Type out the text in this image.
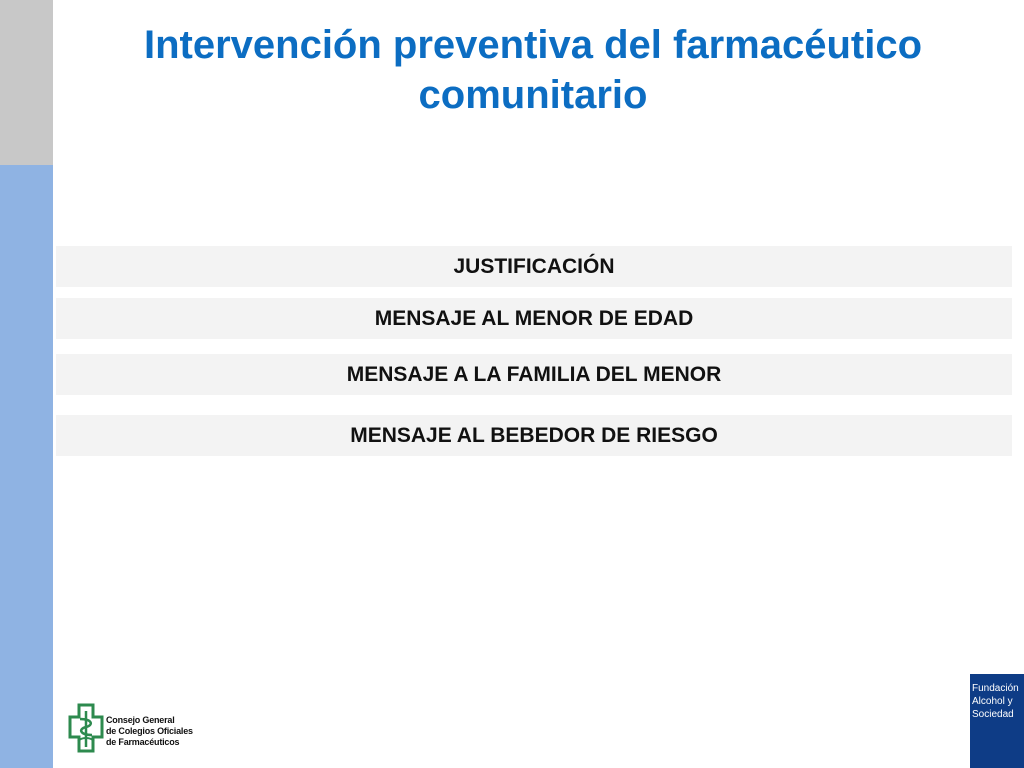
Intervención preventiva del farmacéutico comunitario
JUSTIFICACIÓN
MENSAJE AL MENOR DE EDAD
MENSAJE A LA FAMILIA DEL MENOR
MENSAJE AL BEBEDOR DE RIESGO
Consejo General
de Colegios Oficiales
de Farmacéuticos
Fundación
Alcohol y
Sociedad
